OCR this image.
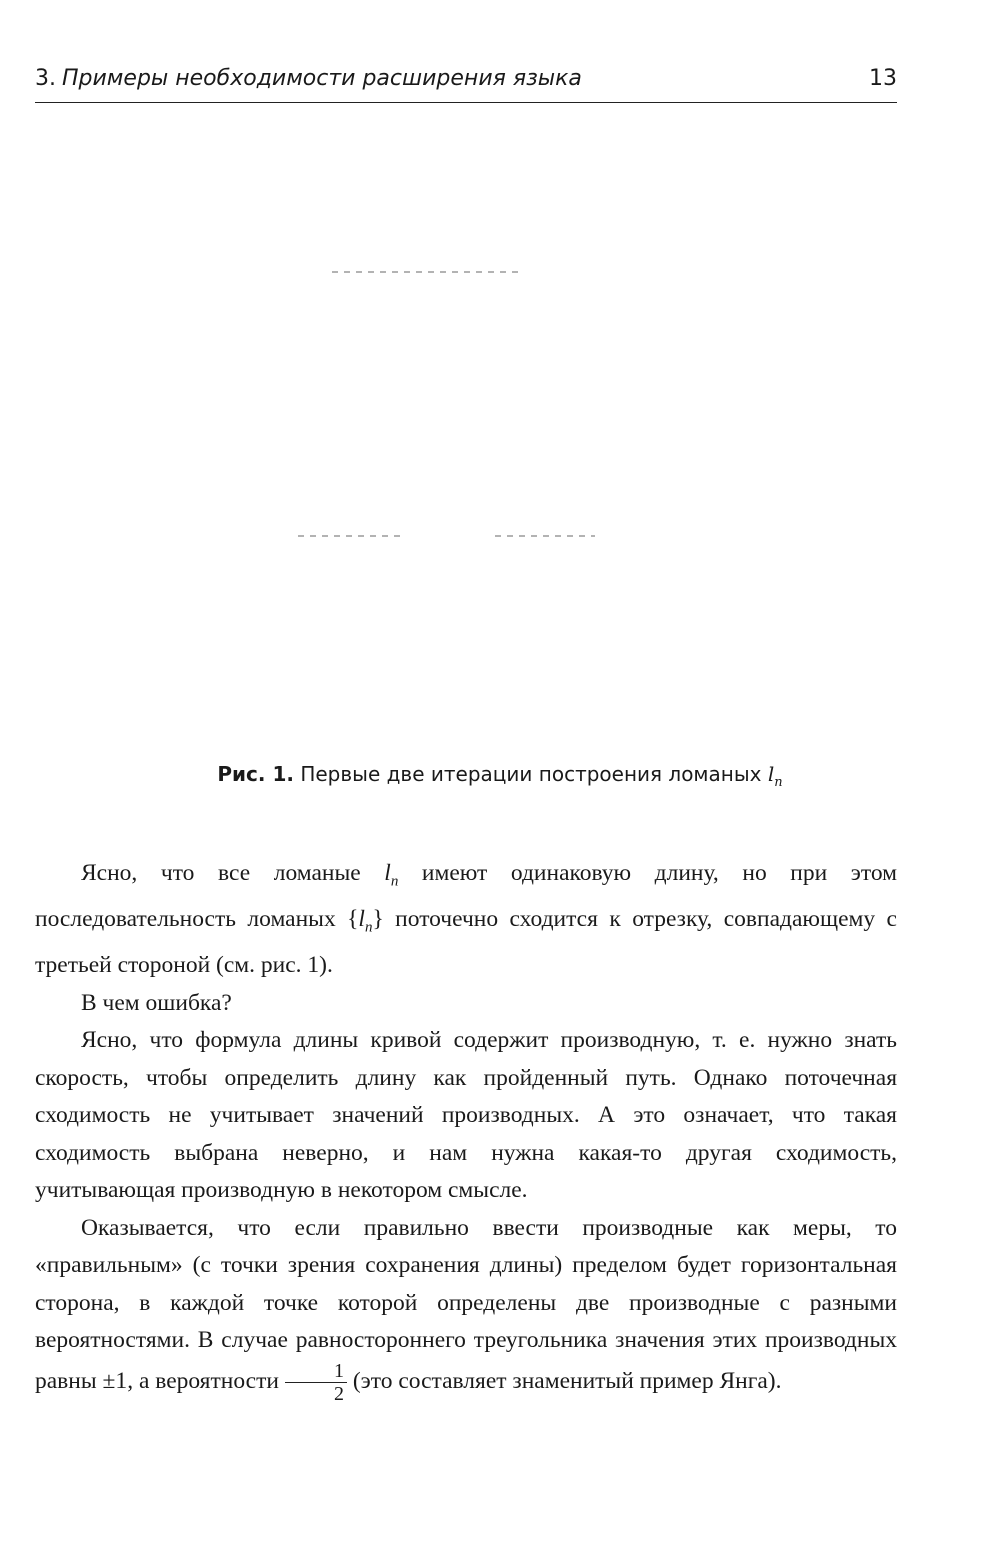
3. Примеры необходимости расширения языка	13
Рис. 1. Первые две итерации построения ломаных $l_n$

Ясно, что все ломаные $l_n$ имеют одинаковую длину, но при этом последовательность ломаных $\{l_n\}$ поточечно сходится к отрезку, совпадающему с третьей стороной (см. рис. 1).

В чем ошибка?

Ясно, что формула длины кривой содержит производную, т. е. нужно знать скорость, чтобы определить длину как пройденный путь. Однако поточечная сходимость не учитывает значений производных. А это означает, что такая сходимость выбрана неверно, и нам нужна какая-то другая сходимость, учитывающая производную в некотором смысле.

Оказывается, что если правильно ввести производные как меры, то «правильным» (с точки зрения сохранения длины) пределом будет горизонтальная сторона, в каждой точке которой определены две производные с разными вероятностями. В случае равностороннего треугольника значения этих производных равны ±1, а вероятности $\frac{1}{2} (это$ составляет знаменитый пример Янга).
